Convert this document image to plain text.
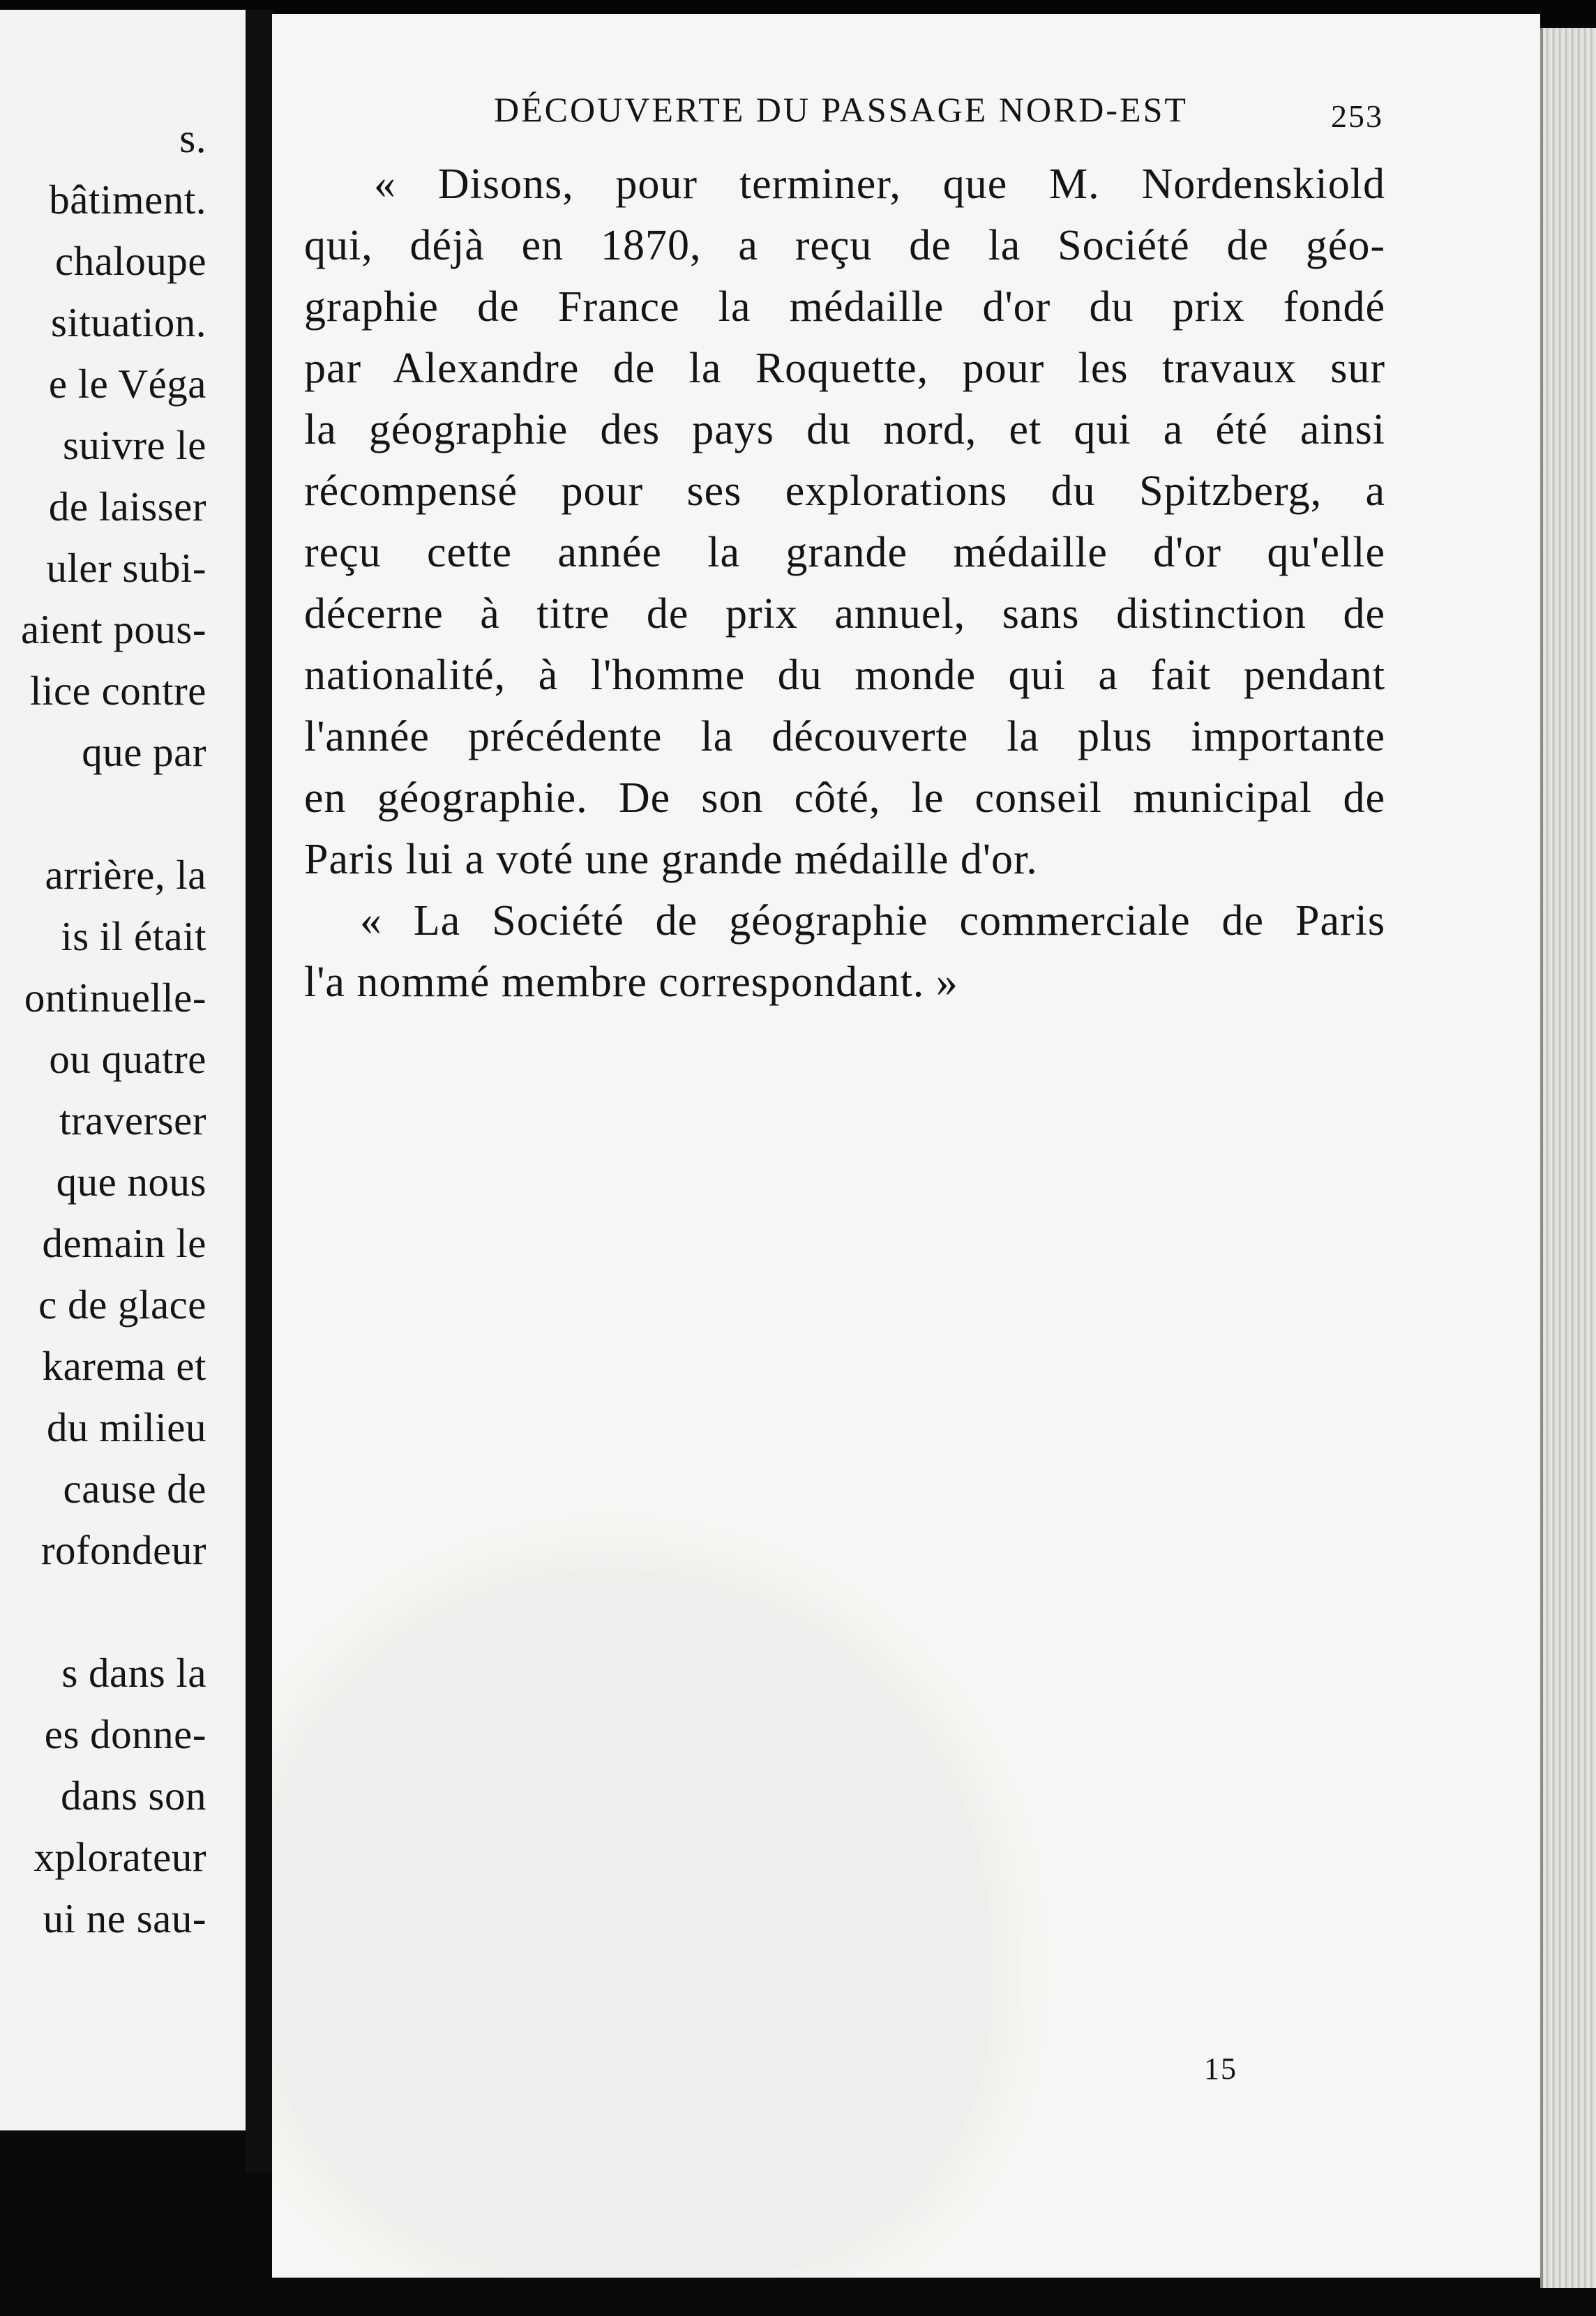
s.
bâtiment.
chaloupe
situation.
e le Véga
suivre le
de laisser
uler subi-
aient pous-
lice contre
que par
arrière, la
is il était
ontinuelle-
ou quatre
traverser
que nous
demain le
c de glace
karema et
du milieu
cause de
rofondeur
s dans la
es donne-
dans son
xplorateur
ui ne sau-
DÉCOUVERTE DU PASSAGE NORD-EST	253
« Disons, pour terminer, que M. Nordenskiold
qui, déjà en 1870, a reçu de la Société de géo-
graphie de France la médaille d'or du prix fondé
par Alexandre de la Roquette, pour les travaux sur
la géographie des pays du nord, et qui a été ainsi
récompensé pour ses explorations du Spitzberg, a
reçu cette année la grande médaille d'or qu'elle
décerne à titre de prix annuel, sans distinction de
nationalité, à l'homme du monde qui a fait pendant
l'année précédente la découverte la plus importante
en géographie. De son côté, le conseil municipal de
Paris lui a voté une grande médaille d'or.
« La Société de géographie commerciale de Paris
l'a nommé membre correspondant. »
15
